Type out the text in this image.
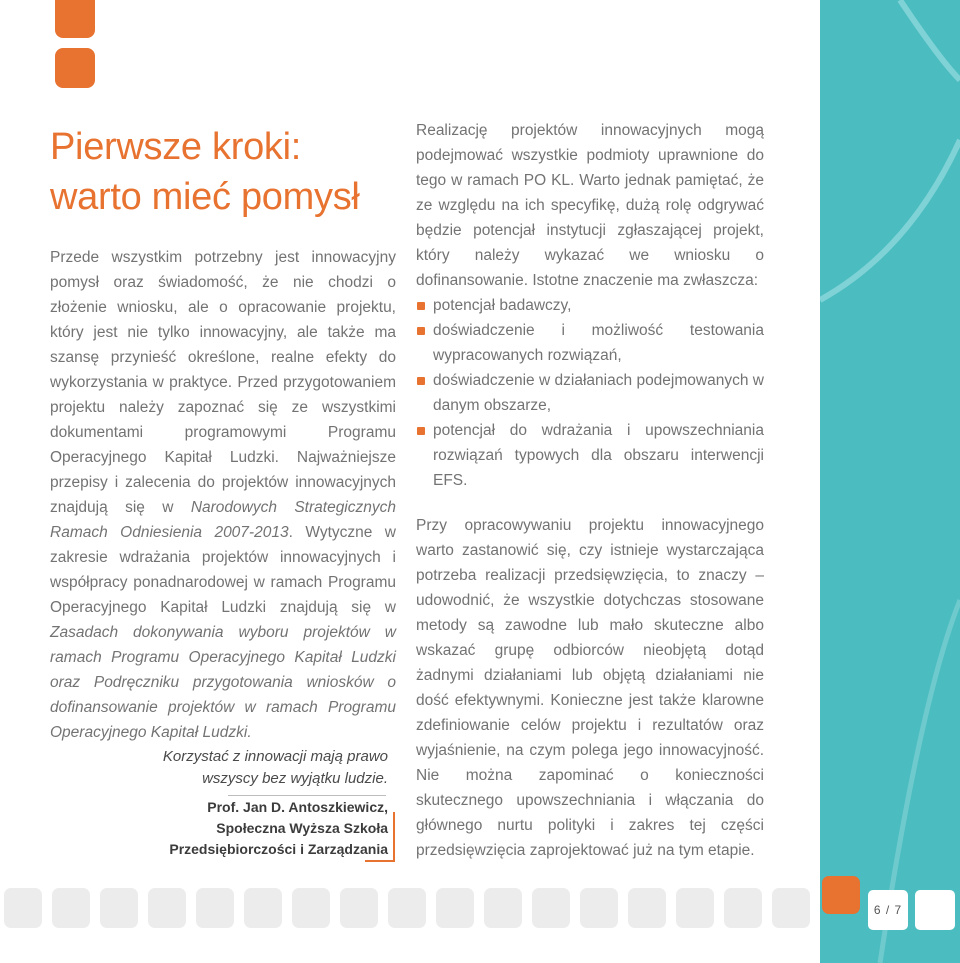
Pierwsze kroki:
warto mieć pomysł

Przede wszystkim potrzebny jest innowacyjny pomysł oraz świadomość, że nie chodzi o złożenie wniosku, ale o opracowanie projektu, który jest nie tylko innowacyjny, ale także ma szansę przynieść określone, realne efekty do wykorzystania w praktyce. Przed przygotowaniem projektu należy zapoznać się ze wszystkimi dokumentami programowymi Programu Operacyjnego Kapitał Ludzki. Najważniejsze przepisy i zalecenia do projektów innowacyjnych znajdują się w Narodowych Strategicznych Ramach Odniesienia 2007-2013. Wytyczne w zakresie wdrażania projektów innowacyjnych i współpracy ponadnarodowej w ramach Programu Operacyjnego Kapitał Ludzki znajdują się w Zasadach dokonywania wyboru projektów w ramach Programu Operacyjnego Kapitał Ludzki oraz Podręczniku przygotowania wniosków o dofinansowanie projektów w ramach Programu Operacyjnego Kapitał Ludzki.

Korzystać z innowacji mają prawo wszyscy bez wyjątku ludzie.
Prof. Jan D. Antoszkiewicz,
Społeczna Wyższa Szkoła
Przedsiębiorczości i Zarządzania

Realizację projektów innowacyjnych mogą podejmować wszystkie podmioty uprawnione do tego w ramach PO KL. Warto jednak pamiętać, że ze względu na ich specyfikę, dużą rolę odgrywać będzie potencjał instytucji zgłaszającej projekt, który należy wykazać we wniosku o dofinansowanie. Istotne znaczenie ma zwłaszcza:

potencjał badawczy,
doświadczenie i możliwość testowania wypracowanych rozwiązań,
doświadczenie w działaniach podejmowanych w danym obszarze,
potencjał do wdrażania i upowszechniania rozwiązań typowych dla obszaru interwencji EFS.

Przy opracowywaniu projektu innowacyjnego warto zastanowić się, czy istnieje wystarczająca potrzeba realizacji przedsięwzięcia, to znaczy – udowodnić, że wszystkie dotychczas stosowane metody są zawodne lub mało skuteczne albo wskazać grupę odbiorców nieobjętą dotąd żadnymi działaniami lub objętą działaniami nie dość efektywnymi. Konieczne jest także klarowne zdefiniowanie celów projektu i rezultatów oraz wyjaśnienie, na czym polega jego innowacyjność. Nie można zapominać o konieczności skutecznego upowszechniania i włączania do głównego nurtu polityki i zakres tej części przedsięwzięcia zaprojektować już na tym etapie.

6 / 7
